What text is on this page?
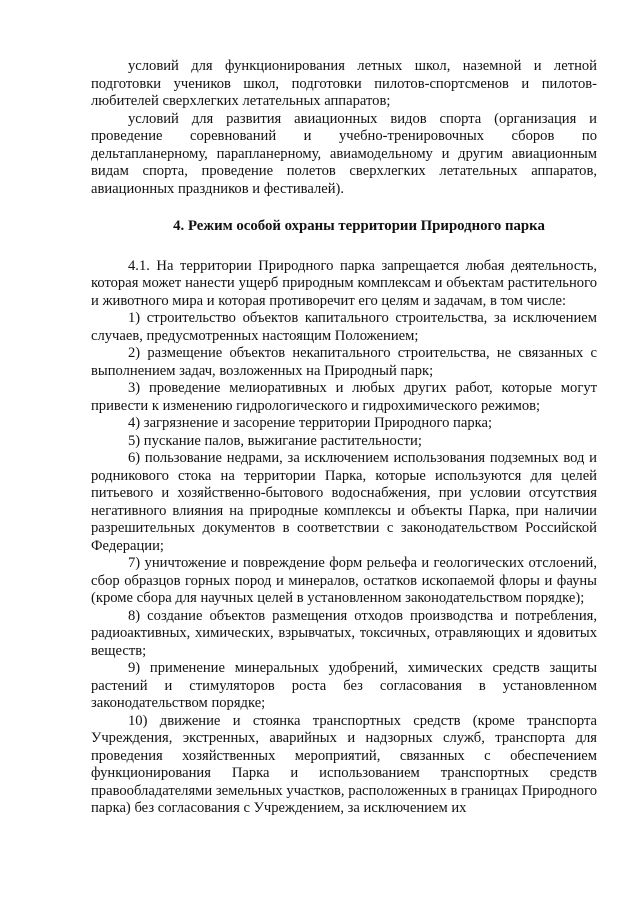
условий для функционирования летных школ, наземной и летной подготовки учеников школ, подготовки пилотов-спортсменов и пилотов-любителей сверхлегких летательных аппаратов;

условий для развития авиационных видов спорта (организация и проведение соревнований и учебно-тренировочных сборов по дельтапланерному, парапланерному, авиамодельному и другим авиационным видам спорта, проведение полетов сверхлегких летательных аппаратов, авиационных праздников и фестивалей).

4. Режим особой охраны территории Природного парка

4.1. На территории Природного парка запрещается любая деятельность, которая может нанести ущерб природным комплексам и объектам растительного и животного мира и которая противоречит его целям и задачам, в том числе:

1) строительство объектов капитального строительства, за исключением случаев, предусмотренных настоящим Положением;

2) размещение объектов некапитального строительства, не связанных с выполнением задач, возложенных на Природный парк;

3) проведение мелиоративных и любых других работ, которые могут привести к изменению гидрологического и гидрохимического режимов;

4) загрязнение и засорение территории Природного парка;

5) пускание палов, выжигание растительности;

6) пользование недрами, за исключением использования подземных вод и родникового стока на территории Парка, которые используются для целей питьевого и хозяйственно-бытового водоснабжения, при условии отсутствия негативного влияния на природные комплексы и объекты Парка, при наличии разрешительных документов в соответствии с законодательством Российской Федерации;

7) уничтожение и повреждение форм рельефа и геологических отслоений, сбор образцов горных пород и минералов, остатков ископаемой флоры и фауны (кроме сбора для научных целей в установленном законодательством порядке);

8) создание объектов размещения отходов производства и потребления, радиоактивных, химических, взрывчатых, токсичных, отравляющих и ядовитых веществ;

9) применение минеральных удобрений, химических средств защиты растений и стимуляторов роста без согласования в установленном законодательством порядке;

10) движение и стоянка транспортных средств (кроме транспорта Учреждения, экстренных, аварийных и надзорных служб, транспорта для проведения хозяйственных мероприятий, связанных с обеспечением функционирования Парка и использованием транспортных средств правообладателями земельных участков, расположенных в границах Природного парка) без согласования с Учреждением, за исключением их
